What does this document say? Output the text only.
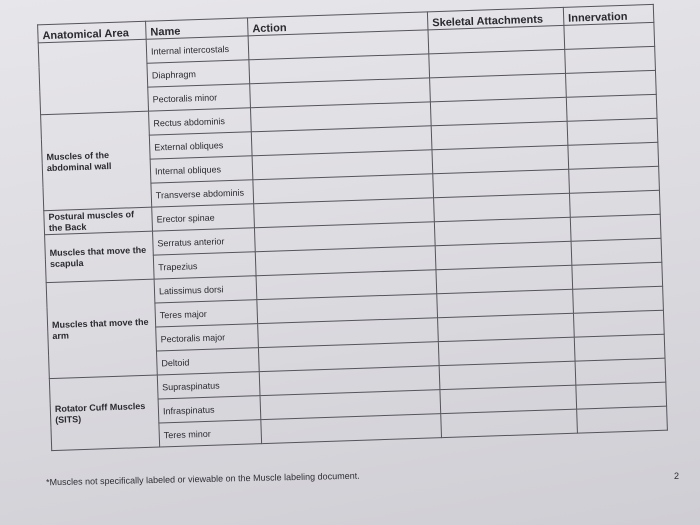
Anatomical Area	Name	Action	Skeletal Attachments	Innervation
	Internal intercostals			
	Diaphragm			
	Pectoralis minor			
Muscles of the abdominal wall	Rectus abdominis			
	External obliques			
	Internal obliques			
	Transverse abdominis			
Postural muscles of the Back	Erector spinae			
Muscles that move the scapula	Serratus anterior			
	Trapezius			
Muscles that move the arm	Latissimus dorsi			
	Teres major			
	Pectoralis major			
	Deltoid			
Rotator Cuff Muscles (SITS)	Supraspinatus			
	Infraspinatus			
	Teres minor			
*Muscles not specifically labeled or viewable on the Muscle labeling document.	2
